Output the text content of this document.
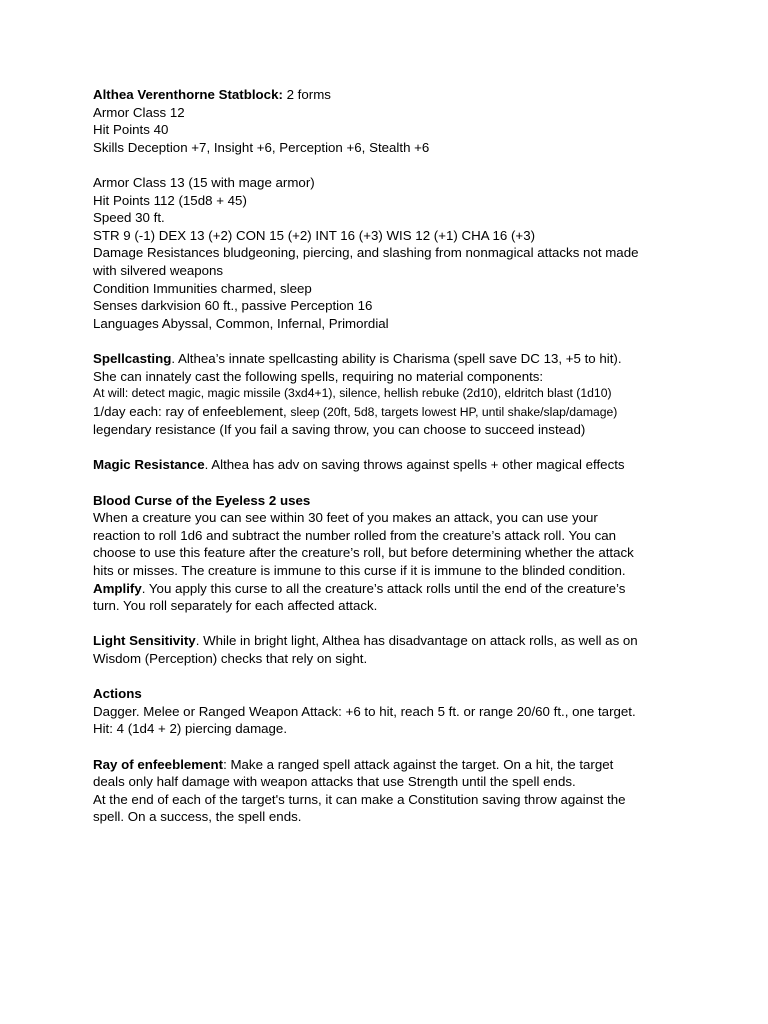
Althea Verenthorne Statblock: 2 forms
Armor Class 12
Hit Points 40
Skills Deception +7, Insight +6, Perception +6, Stealth +6
Armor Class 13 (15 with mage armor)
Hit Points 112 (15d8 + 45)
Speed 30 ft.
STR 9 (-1) DEX 13 (+2) CON 15 (+2) INT 16 (+3) WIS 12 (+1) CHA 16 (+3)
Damage Resistances bludgeoning, piercing, and slashing from nonmagical attacks not made
with silvered weapons
Condition Immunities charmed, sleep
Senses darkvision 60 ft., passive Perception 16
Languages Abyssal, Common, Infernal, Primordial
Spellcasting. Althea’s innate spellcasting ability is Charisma (spell save DC 13, +5 to hit).
She can innately cast the following spells, requiring no material components:
At will: detect magic, magic missile (3xd4+1), silence, hellish rebuke (2d10), eldritch blast (1d10)
1/day each: ray of enfeeblement, sleep (20ft, 5d8, targets lowest HP, until shake/slap/damage)
legendary resistance (If you fail a saving throw, you can choose to succeed instead)
Magic Resistance. Althea has adv on saving throws against spells + other magical effects
Blood Curse of the Eyeless 2 uses
When a creature you can see within 30 feet of you makes an attack, you can use your
reaction to roll 1d6 and subtract the number rolled from the creature’s attack roll. You can
choose to use this feature after the creature’s roll, but before determining whether the attack
hits or misses. The creature is immune to this curse if it is immune to the blinded condition.
Amplify. You apply this curse to all the creature’s attack rolls until the end of the creature’s
turn. You roll separately for each affected attack.
Light Sensitivity. While in bright light, Althea has disadvantage on attack rolls, as well as on
Wisdom (Perception) checks that rely on sight.
Actions
Dagger. Melee or Ranged Weapon Attack: +6 to hit, reach 5 ft. or range 20/60 ft., one target.
Hit: 4 (1d4 + 2) piercing damage.
Ray of enfeeblement: Make a ranged spell attack against the target. On a hit, the target
deals only half damage with weapon attacks that use Strength until the spell ends.
At the end of each of the target's turns, it can make a Constitution saving throw against the
spell. On a success, the spell ends.
